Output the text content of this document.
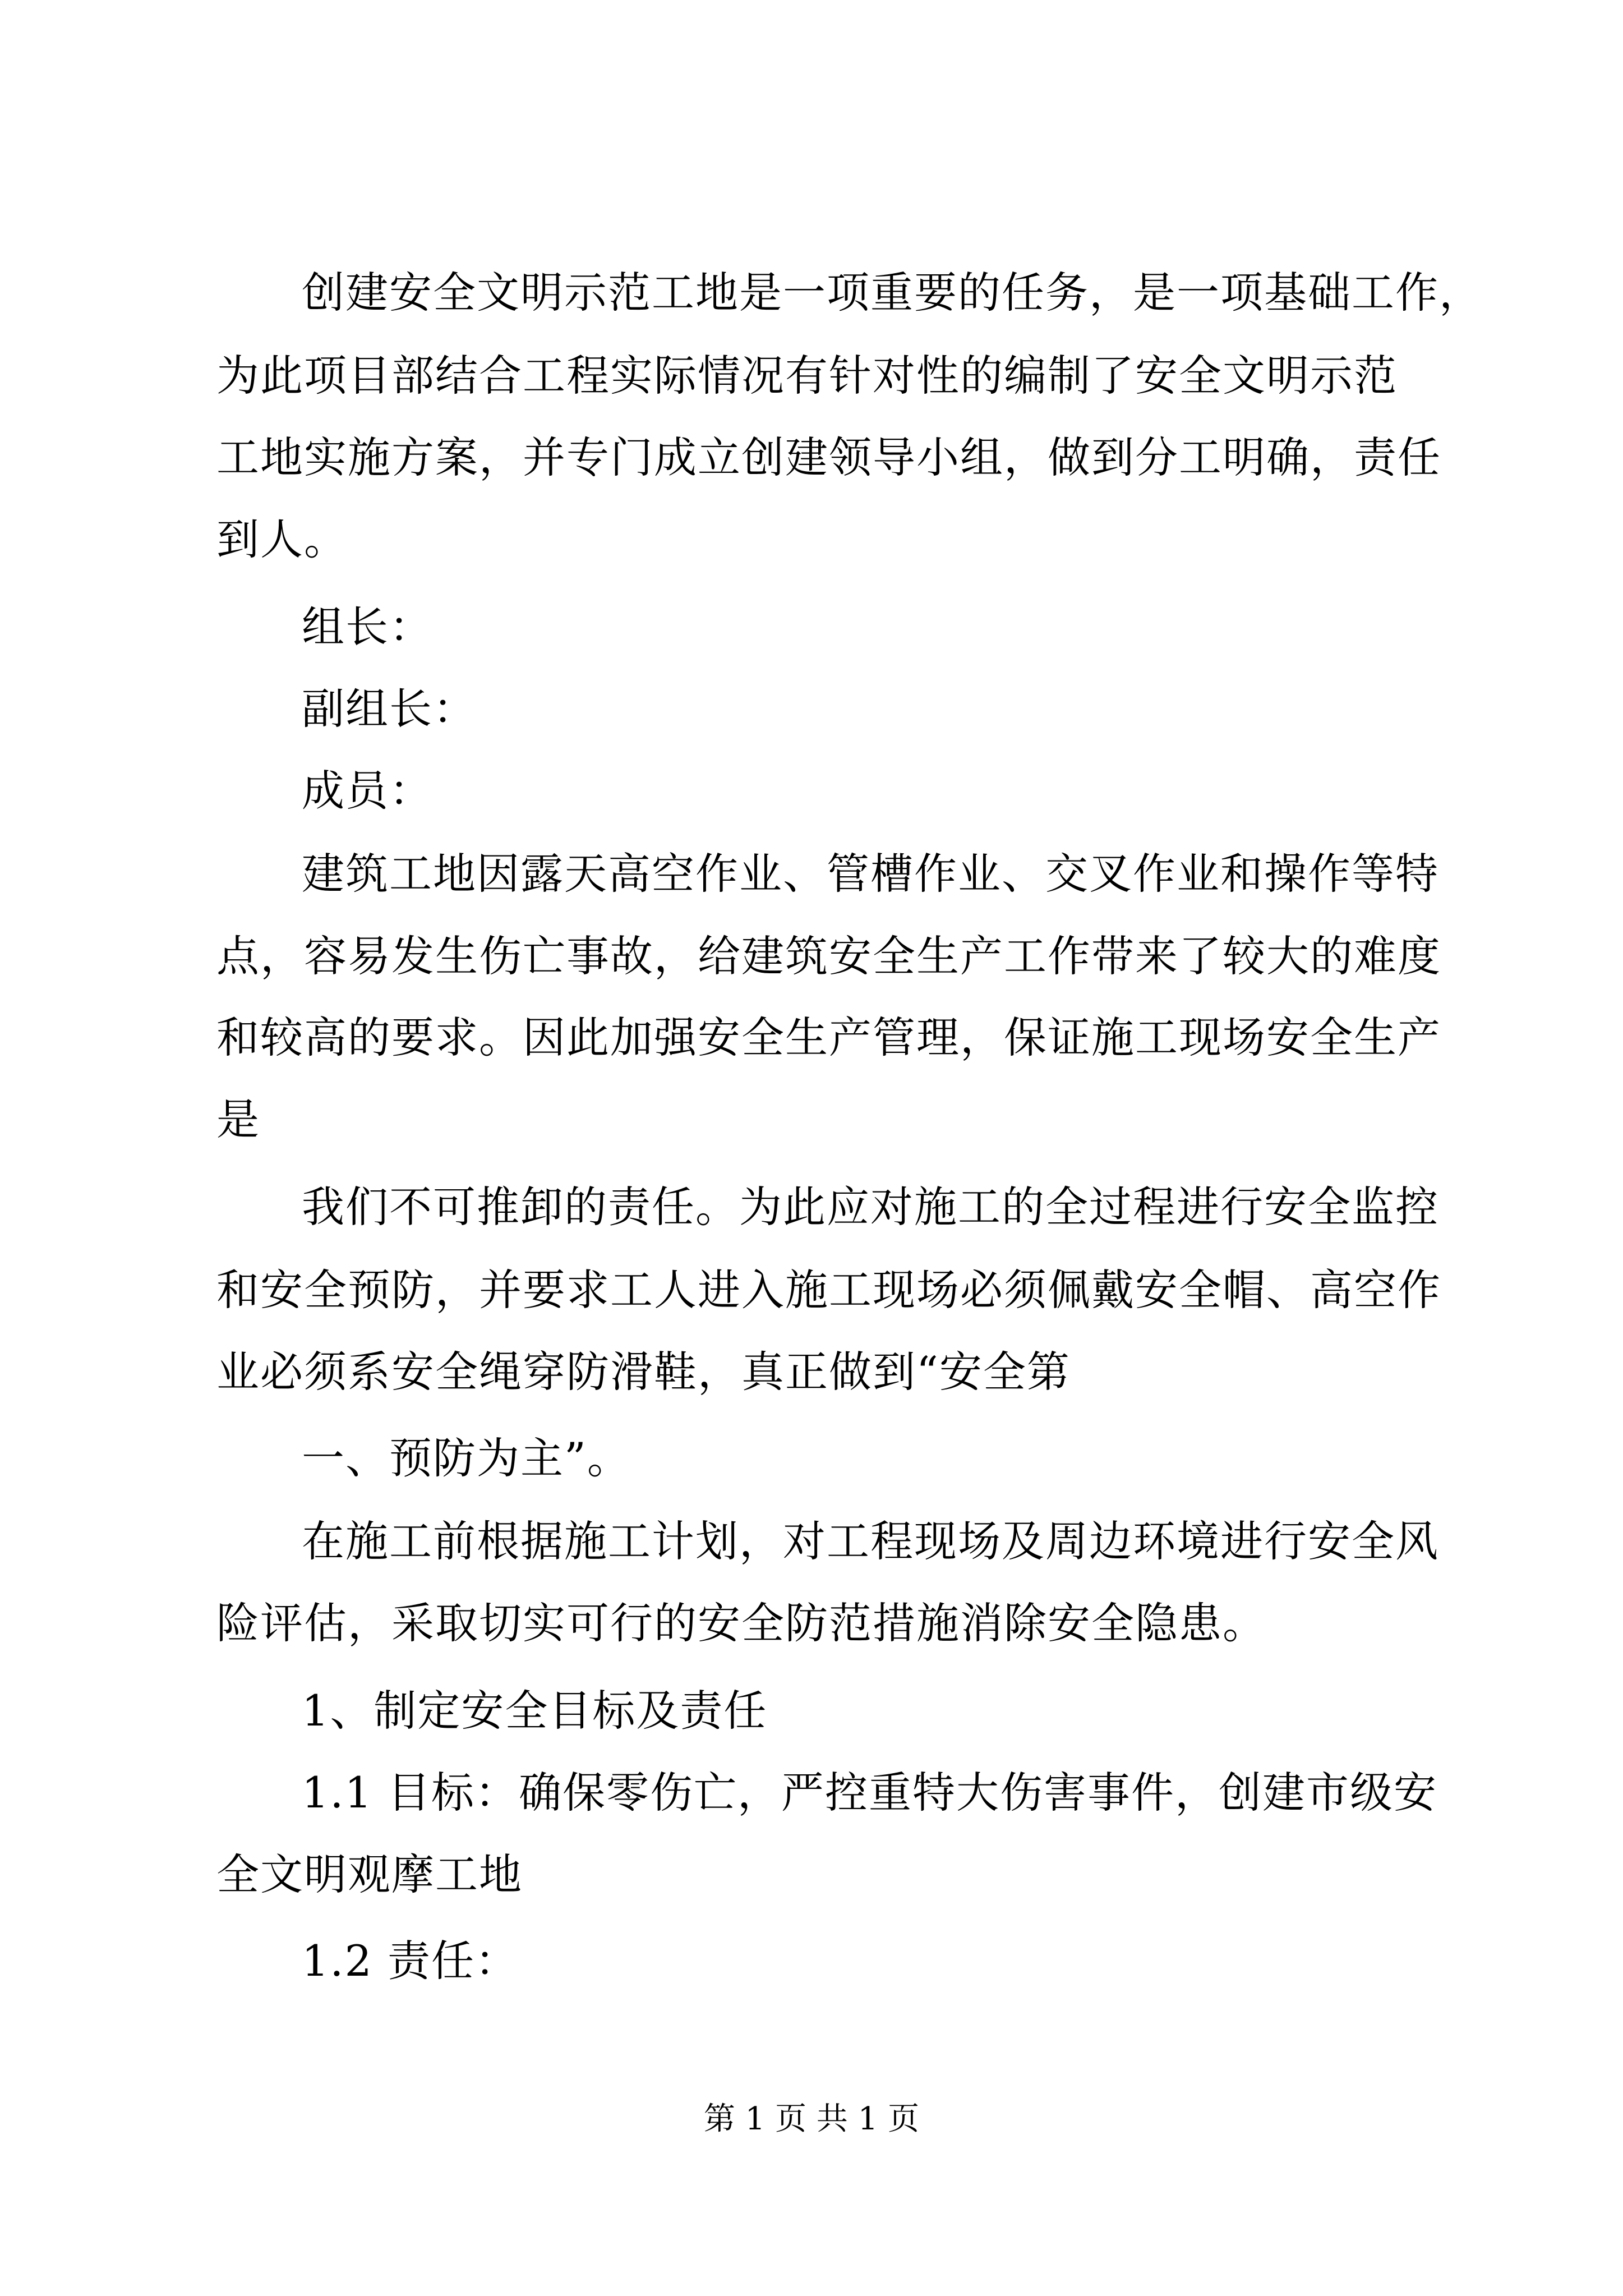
创建安全文明示范工地是一项重要的任务，是一项基础工作，
为此项目部结合工程实际情况有针对性的编制了安全文明示范
工地实施方案，并专门成立创建领导小组，做到分工明确，责任
到人。
组长：
副组长：
成员：
建筑工地因露天高空作业、管槽作业、交叉作业和操作等特
点，容易发生伤亡事故，给建筑安全生产工作带来了较大的难度
和较高的要求。因此加强安全生产管理，保证施工现场安全生产
是
我们不可推卸的责任。为此应对施工的全过程进行安全监控
和安全预防，并要求工人进入施工现场必须佩戴安全帽、高空作
业必须系安全绳穿防滑鞋，真正做到“安全第
一、预防为主”。
在施工前根据施工计划，对工程现场及周边环境进行安全风
险评估，采取切实可行的安全防范措施消除安全隐患。
1、制定安全目标及责任
1.1 目标：确保零伤亡，严控重特大伤害事件，创建市级安
全文明观摩工地
1.2 责任：
第 1 页 共 1 页
